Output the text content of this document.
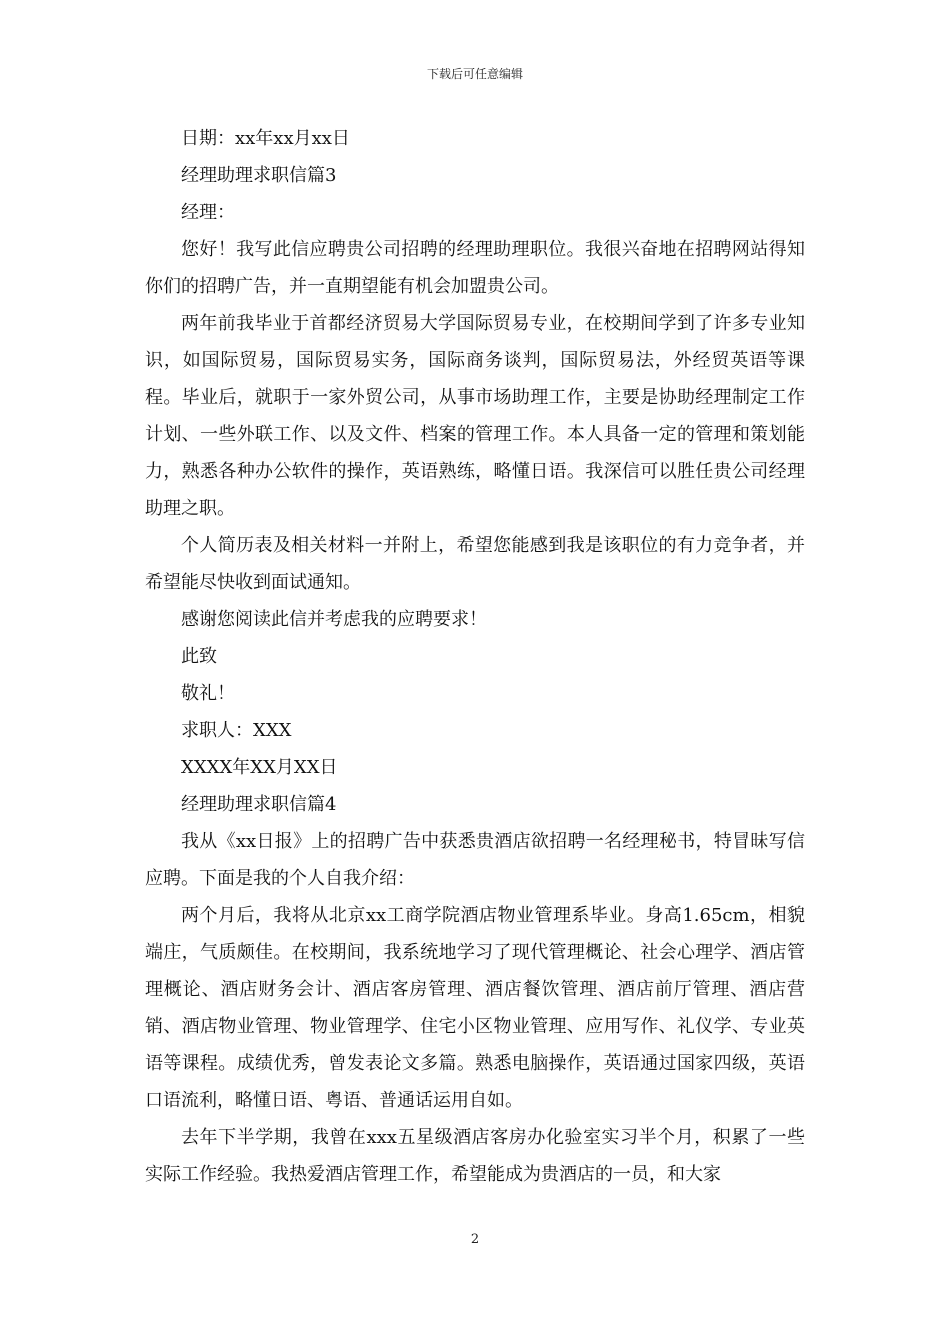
下载后可任意编辑

日期：xx年xx月xx日

经理助理求职信篇3

经理：

您好！我写此信应聘贵公司招聘的经理助理职位。我很兴奋地在招聘网站得知你们的招聘广告，并一直期望能有机会加盟贵公司。

两年前我毕业于首都经济贸易大学国际贸易专业，在校期间学到了许多专业知识，如国际贸易，国际贸易实务，国际商务谈判，国际贸易法，外经贸英语等课程。毕业后，就职于一家外贸公司，从事市场助理工作，主要是协助经理制定工作计划、一些外联工作、以及文件、档案的管理工作。本人具备一定的管理和策划能力，熟悉各种办公软件的操作，英语熟练，略懂日语。我深信可以胜任贵公司经理助理之职。

个人简历表及相关材料一并附上，希望您能感到我是该职位的有力竞争者，并希望能尽快收到面试通知。

感谢您阅读此信并考虑我的应聘要求！

此致

敬礼！

求职人：XXX

XXXX年XX月XX日

经理助理求职信篇4

我从《xx日报》上的招聘广告中获悉贵酒店欲招聘一名经理秘书，特冒昧写信应聘。下面是我的个人自我介绍：

两个月后，我将从北京xx工商学院酒店物业管理系毕业。身高1.65cm，相貌端庄，气质颇佳。在校期间，我系统地学习了现代管理概论、社会心理学、酒店管理概论、酒店财务会计、酒店客房管理、酒店餐饮管理、酒店前厅管理、酒店营销、酒店物业管理、物业管理学、住宅小区物业管理、应用写作、礼仪学、专业英语等课程。成绩优秀，曾发表论文多篇。熟悉电脑操作，英语通过国家四级，英语口语流利，略懂日语、粤语、普通话运用自如。

去年下半学期，我曾在xxx五星级酒店客房办化验室实习半个月，积累了一些实际工作经验。我热爱酒店管理工作，希望能成为贵酒店的一员，和大家

2
